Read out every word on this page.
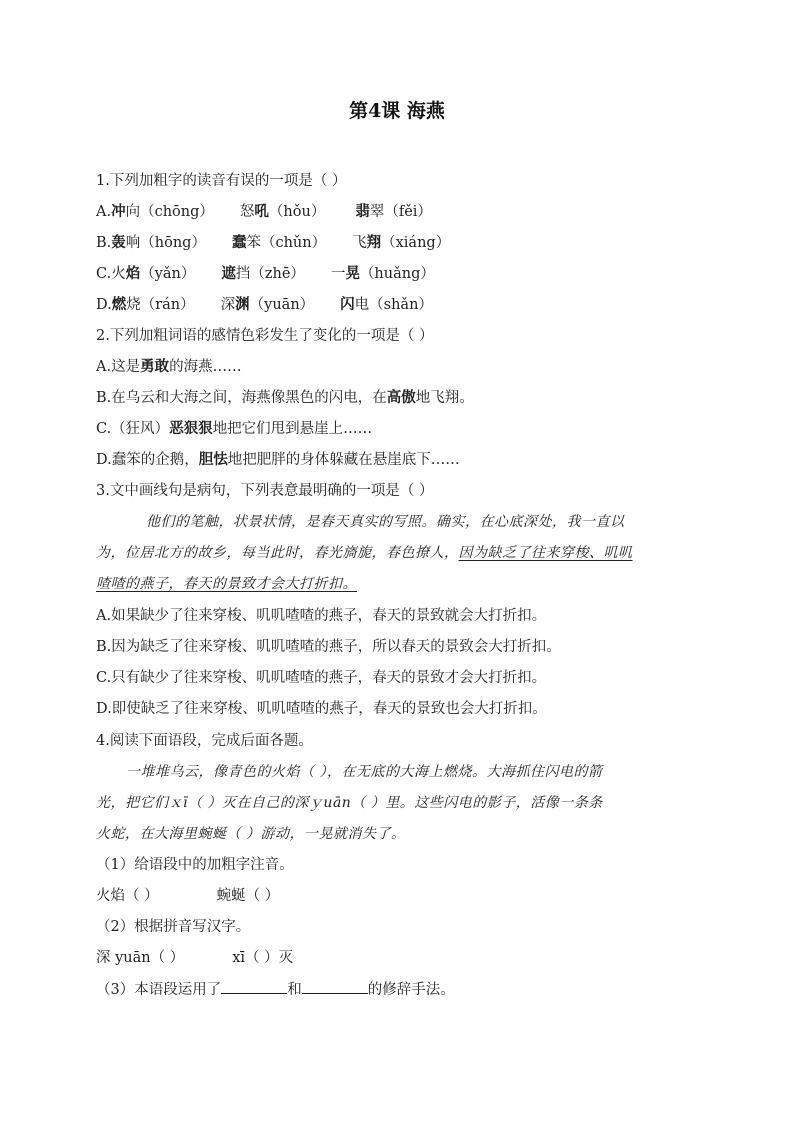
第4课 海燕
1.下列加粗字的读音有误的一项是（ ）
A.冲向（chōng） 怒吼（hǒu） 翡翠（fěi）
B.轰响（hōng） 蠢笨（chǔn） 飞翔（xiáng）
C.火焰（yǎn） 遮挡（zhē） 一晃（huǎng）
D.燃烧（rán） 深渊（yuān） 闪电（shǎn）
2.下列加粗词语的感情色彩发生了变化的一项是（ ）
A.这是勇敢的海燕……
B.在乌云和大海之间，海燕像黑色的闪电，在高傲地飞翔。
C.（狂风）恶狠狠地把它们甩到悬崖上……
D.蠢笨的企鹅，胆怯地把肥胖的身体躲藏在悬崖底下……
3.文中画线句是病句，下列表意最明确的一项是（ ）
他们的笔触，状景状情，是春天真实的写照。确实，在心底深处，我一直以
为，位居北方的故乡，每当此时，春光旖旎，春色撩人，因为缺乏了往来穿梭、叽叽
喳喳的燕子，春天的景致才会大打折扣。
A.如果缺少了往来穿梭、叽叽喳喳的燕子，春天的景致就会大打折扣。
B.因为缺乏了往来穿梭、叽叽喳喳的燕子，所以春天的景致会大打折扣。
C.只有缺少了往来穿梭、叽叽喳喳的燕子，春天的景致才会大打折扣。
D.即使缺乏了往来穿梭、叽叽喳喳的燕子，春天的景致也会大打折扣。
4.阅读下面语段，完成后面各题。
一堆堆乌云，像青色的火焰（ ），在无底的大海上燃烧。大海抓住闪电的箭
光，把它们ｘī（ ）灭在自己的深ｙuān（ ）里。这些闪电的影子，活像一条条
火蛇，在大海里蜿蜒（ ）游动，一晃就消失了。
（1）给语段中的加粗字注音。
火焰（ ）	蜿蜒（ ）
（2）根据拼音写汉字。
深 yuān（ ）	xī（ ）灭
（3）本语段运用了	和	的修辞手法。
